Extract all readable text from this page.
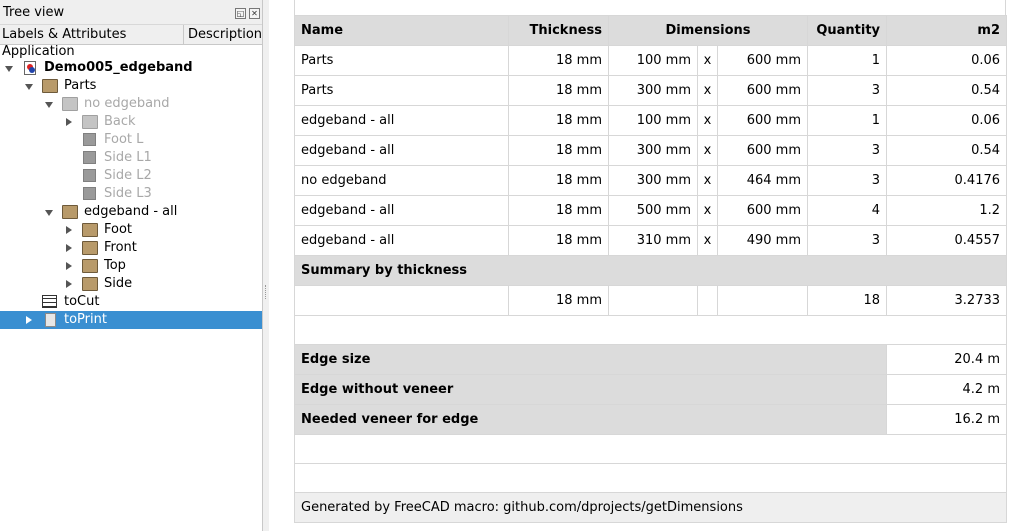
Tree view	◱ ✕
Labels & Attributes	Description
Application
Demo005_edgeband
Parts
no edgeband
Back
Foot L
Side L1
Side L2
Side L3
edgeband - all
Foot
Front
Top
Side
toCut
toPrint
Name	Thickness	Dimensions			Quantity	m2
Parts	18 mm	100 mm	x	600 mm	1	0.06
Parts	18 mm	300 mm	x	600 mm	3	0.54
edgeband - all	18 mm	100 mm	x	600 mm	1	0.06
edgeband - all	18 mm	300 mm	x	600 mm	3	0.54
no edgeband	18 mm	300 mm	x	464 mm	3	0.4176
edgeband - all	18 mm	500 mm	x	600 mm	4	1.2
edgeband - all	18 mm	310 mm	x	490 mm	3	0.4557
Summary by thickness						
	18 mm				18	3.2733

Edge size						20.4 m
Edge without veneer						4.2 m
Needed veneer for edge						16.2 m

Generated by FreeCAD macro: github.com/dprojects/getDimensions						
